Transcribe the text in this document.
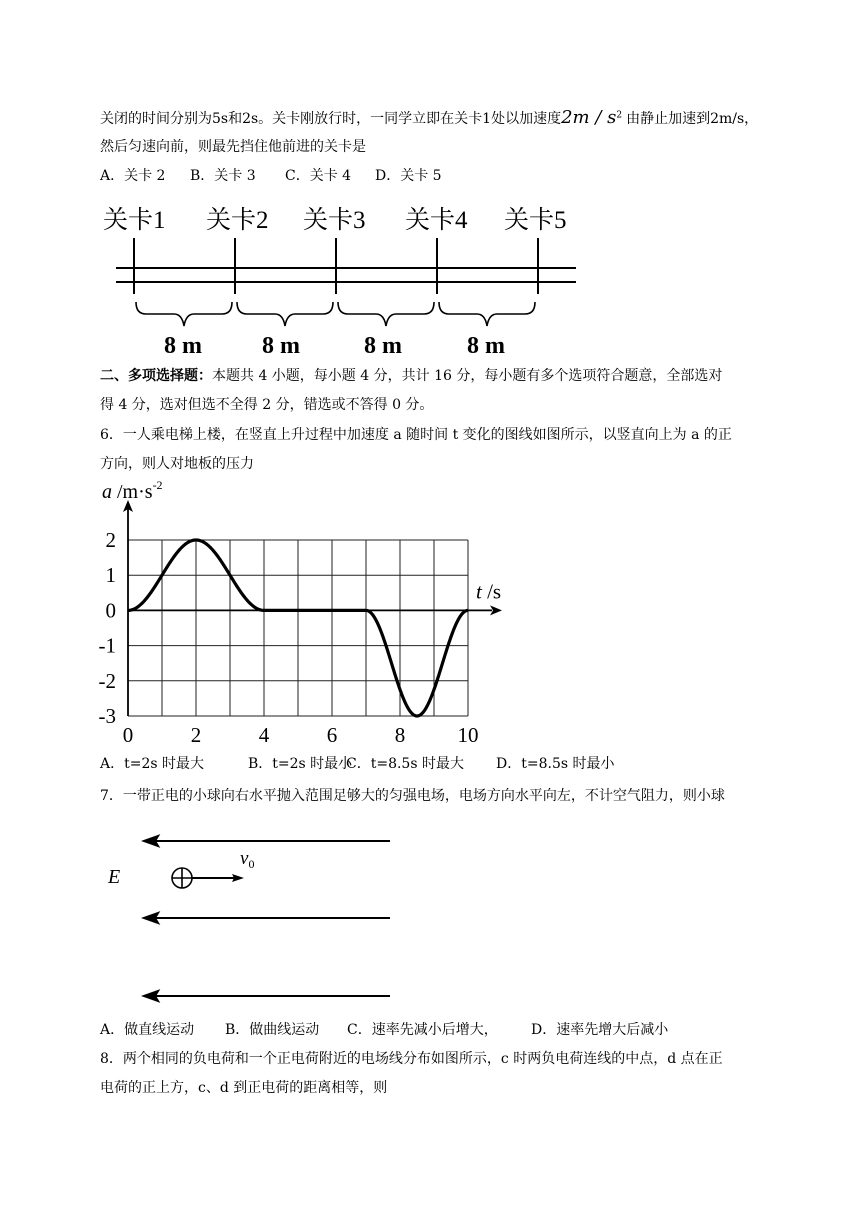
关闭的时间分别为5s和2s。关卡刚放行时，一同学立即在关卡1处以加速度$2m / s^2$ 由静止加速到2m/s，
然后匀速向前，则最先挡住他前进的关卡是
A．关卡 2 B．关卡 3 C．关卡 4 D．关卡 5
关卡1 关卡2 关卡3 关卡4 关卡5
8 m	8 m	8 m	8 m
二、多项选择题：本题共 4 小题，每小题 4 分，共计 16 分，每小题有多个选项符合题意，全部选对
得 4 分，选对但选不全得 2 分，错选或不答得 0 分。
6．一人乘电梯上楼，在竖直上升过程中加速度 a 随时间 t 变化的图线如图所示，以竖直向上为 a 的正
方向，则人对地板的压力
2
1
0
-1
-2
-3
0	2	4	6	8 10
a $/m\cdot s^{-2}$
t /s
A．t=2s 时最大	B．t=2s 时最小C．t=8.5s 时最大 D．t=8.5s 时最小
7．一带正电的小球向右水平抛入范围足够大的匀强电场，电场方向水平向左，不计空气阻力，则小球
E
$v_0$
A．做直线运动 B．做曲线运动 C．速率先减小后增大， D．速率先增大后减小
8．两个相同的负电荷和一个正电荷附近的电场线分布如图所示，c 时两负电荷连线的中点，d 点在正
电荷的正上方，c、d 到正电荷的距离相等，则
